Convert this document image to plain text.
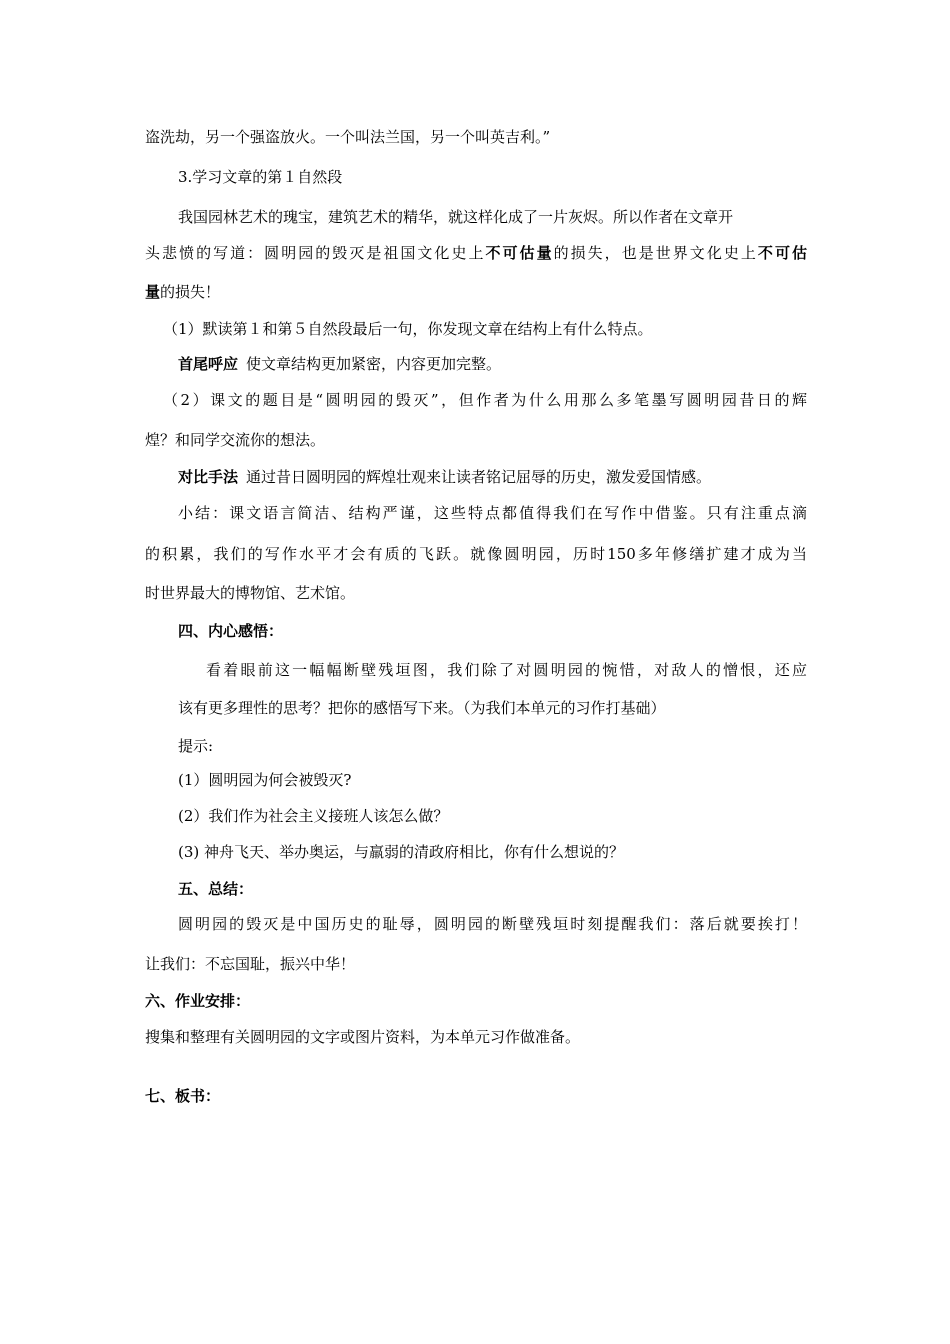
盗洗劫，另一个强盗放火。一个叫法兰国，另一个叫英吉利。”

3.学习文章的第１自然段

我国园林艺术的瑰宝，建筑艺术的精华，就这样化成了一片灰烬。所以作者在文章开

头悲愤的写道：圆明园的毁灭是祖国文化史上不可估量的损失，也是世界文化史上不可估

量的损失！

（1）默读第１和第５自然段最后一句，你发现文章在结构上有什么特点。

首尾呼应 使文章结构更加紧密，内容更加完整。

（2）课文的题目是“圆明园的毁灭”，但作者为什么用那么多笔墨写圆明园昔日的辉

煌？和同学交流你的想法。

对比手法 通过昔日圆明园的辉煌壮观来让读者铭记屈辱的历史，激发爱国情感。

小结：课文语言简洁、结构严谨，这些特点都值得我们在写作中借鉴。只有注重点滴

的积累，我们的写作水平才会有质的飞跃。就像圆明园，历时150多年修缮扩建才成为当

时世界最大的博物馆、艺术馆。

四、内心感悟：

看着眼前这一幅幅断壁残垣图，我们除了对圆明园的惋惜，对敌人的憎恨，还应

该有更多理性的思考？把你的感悟写下来。（为我们本单元的习作打基础）

提示:

(1）圆明园为何会被毁灭?

(2）我们作为社会主义接班人该怎么做？

(3) 神舟飞天、举办奥运，与羸弱的清政府相比，你有什么想说的？

五、总结：

圆明园的毁灭是中国历史的耻辱，圆明园的断壁残垣时刻提醒我们：落后就要挨打！

让我们：不忘国耻，振兴中华！

六、作业安排：

搜集和整理有关圆明园的文字或图片资料，为本单元习作做准备。

七、板书：
